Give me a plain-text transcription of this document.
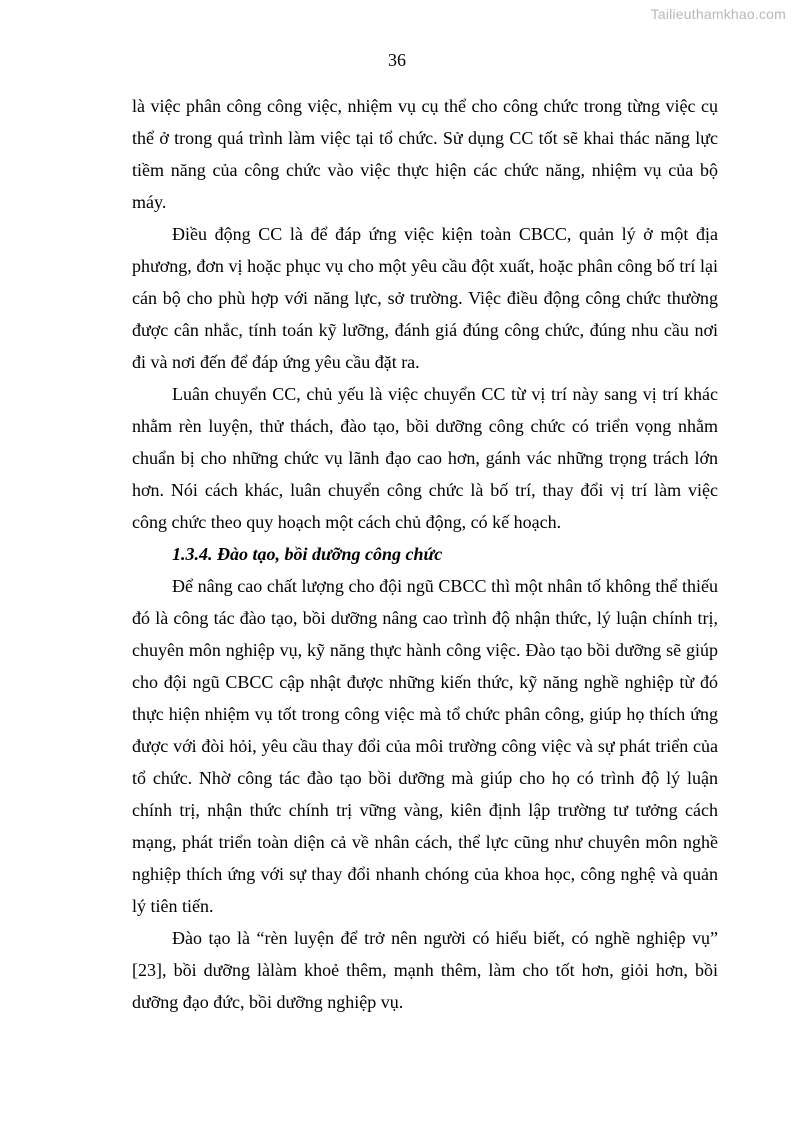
Tailieuthamkhao.com
36

là việc phân công công việc, nhiệm vụ cụ thể cho công chức trong từng việc cụ thể ở trong quá trình làm việc tại tổ chức. Sử dụng CC tốt sẽ khai thác năng lực tiềm năng của công chức vào việc thực hiện các chức năng, nhiệm vụ của bộ máy.

Điều động CC là để đáp ứng việc kiện toàn CBCC, quản lý ở một địa phương, đơn vị hoặc phục vụ cho một yêu cầu đột xuất, hoặc phân công bố trí lại cán bộ cho phù hợp với năng lực, sở trường. Việc điều động công chức thường được cân nhắc, tính toán kỹ lưỡng, đánh giá đúng công chức, đúng nhu cầu nơi đi và nơi đến để đáp ứng yêu cầu đặt ra.

Luân chuyển CC, chủ yếu là việc chuyển CC từ vị trí này sang vị trí khác nhằm rèn luyện, thử thách, đào tạo, bồi dưỡng công chức có triển vọng nhằm chuẩn bị cho những chức vụ lãnh đạo cao hơn, gánh vác những trọng trách lớn hơn. Nói cách khác, luân chuyển công chức là bố trí, thay đổi vị trí làm việc công chức theo quy hoạch một cách chủ động, có kế hoạch.

1.3.4. Đào tạo, bồi dưỡng công chức

Để nâng cao chất lượng cho đội ngũ CBCC thì một nhân tố không thể thiếu đó là công tác đào tạo, bồi dưỡng nâng cao trình độ nhận thức, lý luận chính trị, chuyên môn nghiệp vụ, kỹ năng thực hành công việc. Đào tạo bồi dưỡng sẽ giúp cho đội ngũ CBCC cập nhật được những kiến thức, kỹ năng nghề nghiệp từ đó thực hiện nhiệm vụ tốt trong công việc mà tổ chức phân công, giúp họ thích ứng được với đòi hỏi, yêu cầu thay đổi của môi trường công việc và sự phát triển của tổ chức. Nhờ công tác đào tạo bồi dưỡng mà giúp cho họ có trình độ lý luận chính trị, nhận thức chính trị vững vàng, kiên định lập trường tư tưởng cách mạng, phát triển toàn diện cả về nhân cách, thể lực cũng như chuyên môn nghề nghiệp thích ứng với sự thay đổi nhanh chóng của khoa học, công nghệ và quản lý tiên tiến.

Đào tạo là “rèn luyện để trở nên người có hiểu biết, có nghề nghiệp vụ” [23], bồi dưỡng làlàm khoẻ thêm, mạnh thêm, làm cho tốt hơn, giỏi hơn, bồi dưỡng đạo đức, bồi dưỡng nghiệp vụ.
